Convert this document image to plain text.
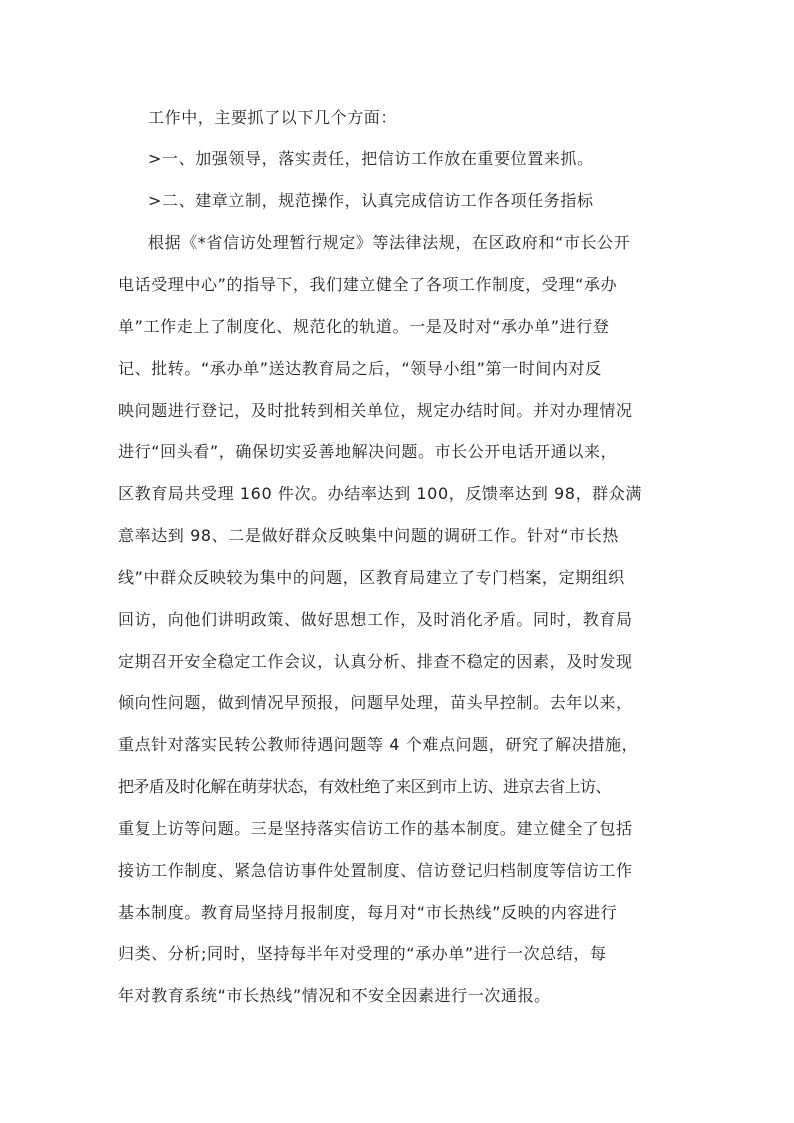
工作中，主要抓了以下几个方面：
>一、加强领导，落实责任，把信访工作放在重要位置来抓。
>二、建章立制，规范操作，认真完成信访工作各项任务指标
根据《*省信访处理暂行规定》等法律法规，在区政府和“市长公开
电话受理中心”的指导下，我们建立健全了各项工作制度，受理“承办
单”工作走上了制度化、规范化的轨道。一是及时对“承办单”进行登
记、批转。“承办单”送达教育局之后，“领导小组”第一时间内对反
映问题进行登记，及时批转到相关单位，规定办结时间。并对办理情况
进行“回头看”，确保切实妥善地解决问题。市长公开电话开通以来，
区教育局共受理 160 件次。办结率达到 100，反馈率达到 98，群众满
意率达到 98、二是做好群众反映集中问题的调研工作。针对“市长热
线”中群众反映较为集中的问题，区教育局建立了专门档案，定期组织
回访，向他们讲明政策、做好思想工作，及时消化矛盾。同时，教育局
定期召开安全稳定工作会议，认真分析、排查不稳定的因素，及时发现
倾向性问题，做到情况早预报，问题早处理，苗头早控制。去年以来，
重点针对落实民转公教师待遇问题等 4 个难点问题，研究了解决措施，
把矛盾及时化解在萌芽状态，有效杜绝了来区到市上访、进京去省上访、
重复上访等问题。三是坚持落实信访工作的基本制度。建立健全了包括
接访工作制度、紧急信访事件处置制度、信访登记归档制度等信访工作
基本制度。教育局坚持月报制度，每月对“市长热线”反映的内容进行
归类、分析;同时，坚持每半年对受理的“承办单”进行一次总结，每
年对教育系统“市长热线”情况和不安全因素进行一次通报。
